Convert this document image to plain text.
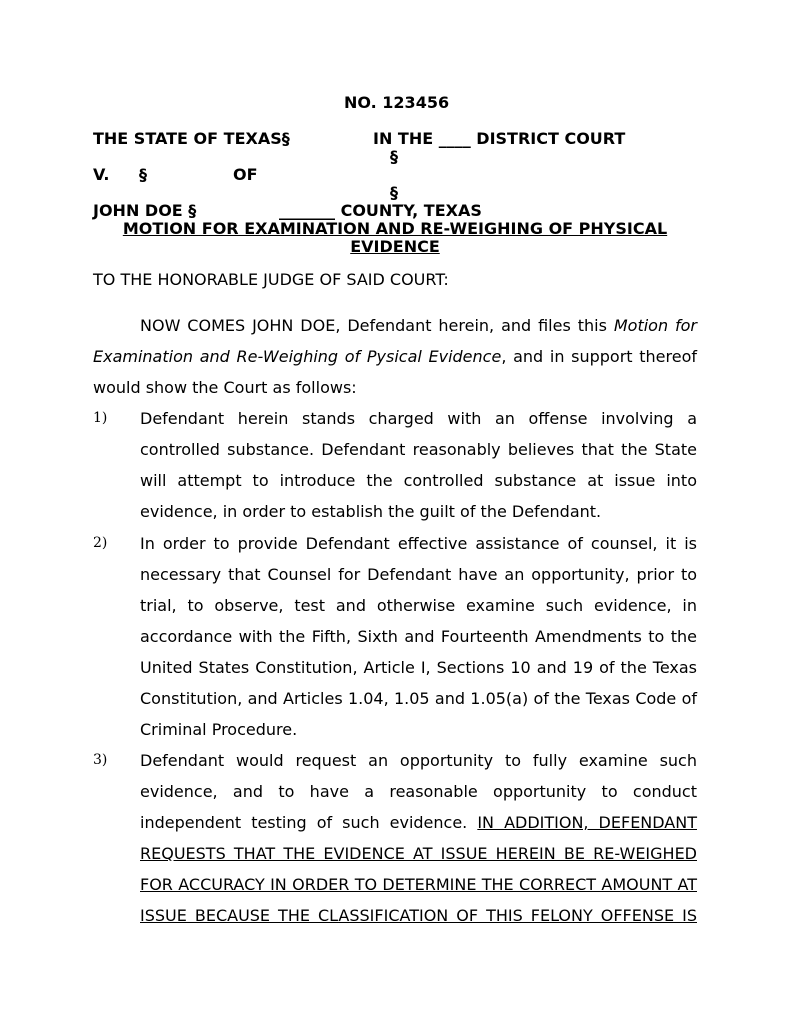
NO. 123456
THE STATE OF TEXAS§	IN THE ____ DISTRICT COURT
§
V. §	OF
§
JOHN DOE §	_______ COUNTY, TEXAS
MOTION FOR EXAMINATION AND RE-WEIGHING OF PHYSICAL
EVIDENCE
TO THE HONORABLE JUDGE OF SAID COURT:
NOW COMES JOHN DOE, Defendant herein, and files this Motion for Examination and Re-Weighing of Pysical Evidence, and in support thereof would show the Court as follows:
1) Defendant herein stands charged with an offense involving a controlled substance. Defendant reasonably believes that the State will attempt to introduce the controlled substance at issue into evidence, in order to establish the guilt of the Defendant.
2) In order to provide Defendant effective assistance of counsel, it is necessary that Counsel for Defendant have an opportunity, prior to trial, to observe, test and otherwise examine such evidence, in accordance with the Fifth, Sixth and Fourteenth Amendments to the United States Constitution, Article I, Sections 10 and 19 of the Texas Constitution, and Articles 1.04, 1.05 and 1.05(a) of the Texas Code of Criminal Procedure.
3) Defendant would request an opportunity to fully examine such evidence, and to have a reasonable opportunity to conduct independent testing of such evidence. IN ADDITION, DEFENDANT REQUESTS THAT THE EVIDENCE AT ISSUE HEREIN BE RE-WEIGHED FOR ACCURACY IN ORDER TO DETERMINE THE CORRECT AMOUNT AT ISSUE BECAUSE THE CLASSIFICATION OF THIS FELONY OFFENSE IS
